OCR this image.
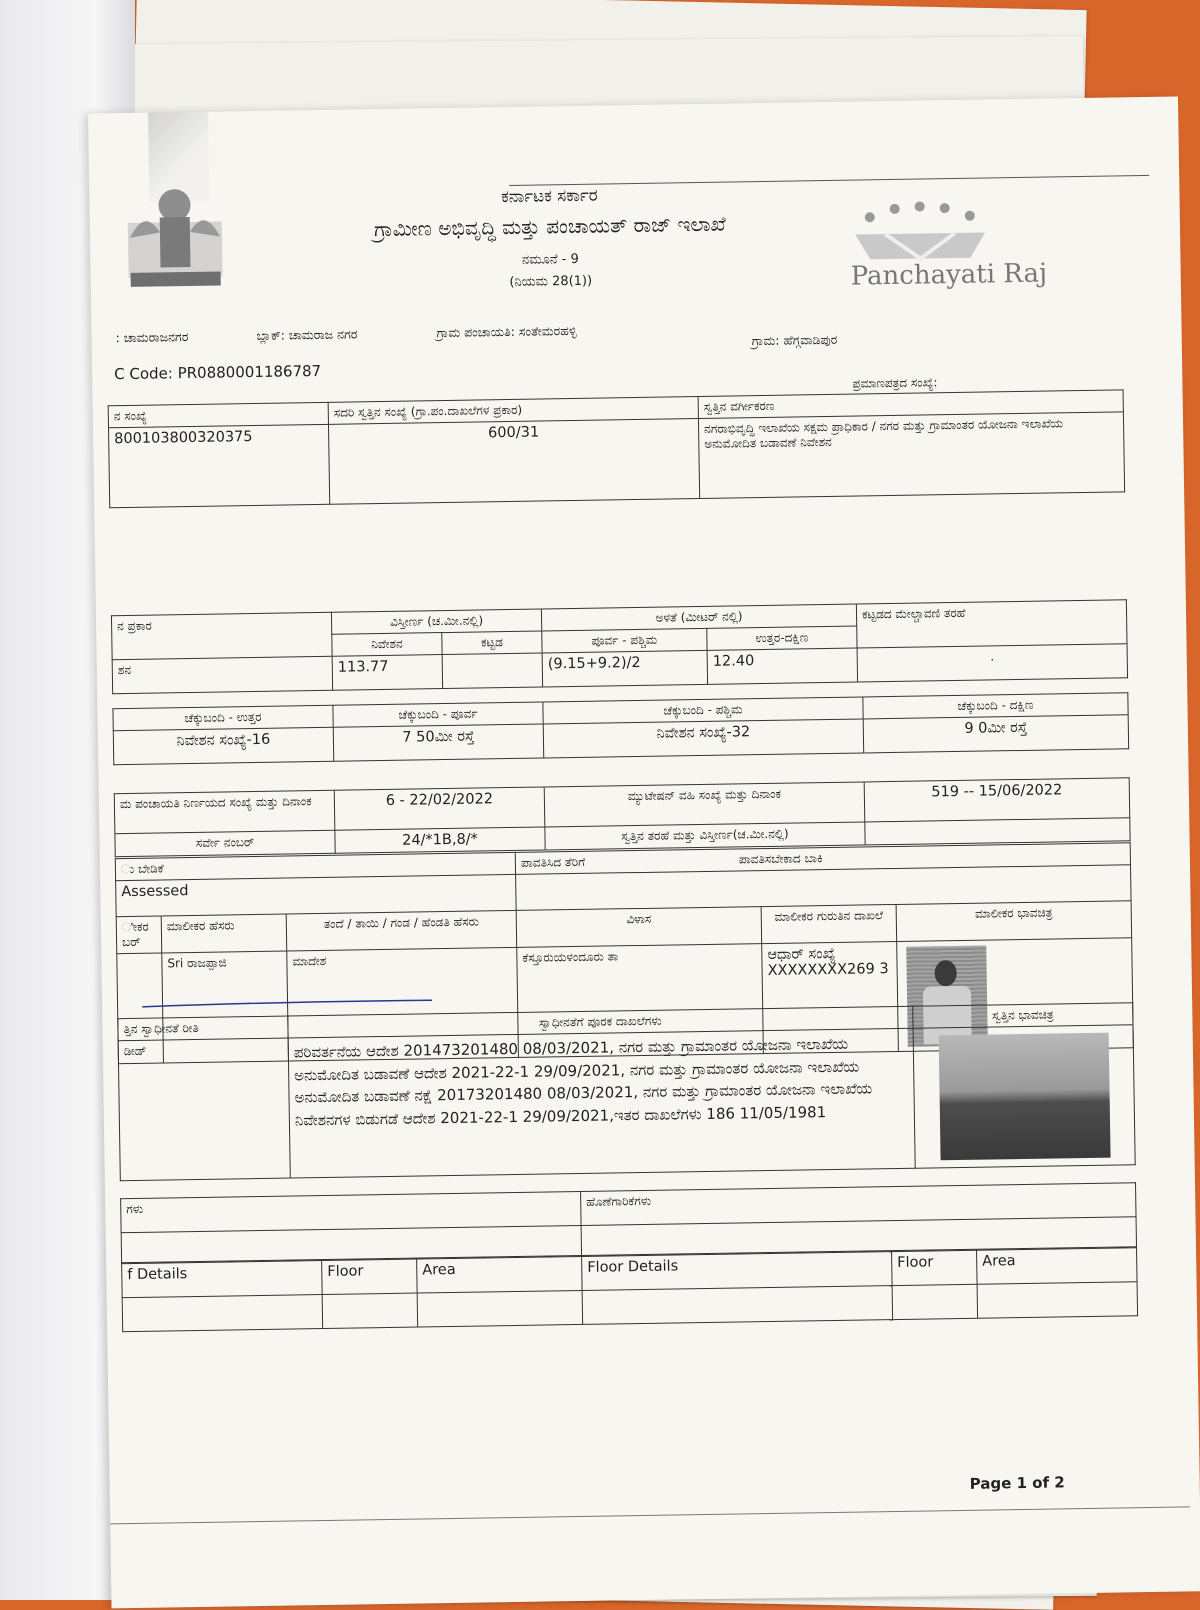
Panchayati Raj
ಕರ್ನಾಟಕ ಸರ್ಕಾರ
ಗ್ರಾಮೀಣ ಅಭಿವೃದ್ಧಿ ಮತ್ತು ಪಂಚಾಯತ್ ರಾಜ್ ಇಲಾಖೆ
ನಮೂನೆ - 9
(ನಿಯಮ 28(1))
: ಚಾಮರಾಜನಗರ	ಬ್ಲಾಕ್: ಚಾಮರಾಜ ನಗರ	ಗ್ರಾಮ ಪಂಚಾಯತಿ: ಸಂತೇಮರಹಳ್ಳಿ	ಗ್ರಾಮ: ಹೆಗ್ಗವಾಡಿಪುರ
C Code: PR0880001186787	ಪ್ರಮಾಣಪತ್ರದ ಸಂಖ್ಯೆ:
ನ ಸಂಖ್ಯೆ	ಸದರಿ ಸ್ವತ್ತಿನ ಸಂಖ್ಯೆ (ಗ್ರಾ.ಪಂ.ದಾಖಲೆಗಳ ಪ್ರಕಾರ)	ಸ್ವತ್ತಿನ ವರ್ಗೀಕರಣ
800103800320375	600/31	ನಗರಾಭಿವೃದ್ಧಿ ಇಲಾಖೆಯ ಸಕ್ಷಮ ಪ್ರಾಧಿಕಾರ / ನಗರ ಮತ್ತು ಗ್ರಾಮಾಂತರ ಯೋಜನಾ ಇಲಾಖೆಯ ಅನುಮೋದಿತ ಬಡಾವಣೆ ನಿವೇಶನ
ನ ಪ್ರಕಾರ	ವಿಸ್ತೀರ್ಣ (ಚ.ಮೀ.ನಲ್ಲಿ)		ಅಳತೆ (ಮೀಟರ್ ನಲ್ಲಿ)		ಕಟ್ಟಡದ ಮೇಲ್ಚಾವಣಿ ತರಹೆ
	ನಿವೇಶನ	ಕಟ್ಟಡ	ಪೂರ್ವ - ಪಶ್ಚಿಮ	ಉತ್ತರ-ದಕ್ಷಿಣ	
ಶನ	113.77		(9.15+9.2)/2	12.40	.
ಚೆಕ್ಕುಬಂದಿ - ಉತ್ತರ	ಚೆಕ್ಕುಬಂದಿ - ಪೂರ್ವ	ಚೆಕ್ಕುಬಂದಿ - ಪಶ್ಚಿಮ	ಚೆಕ್ಕುಬಂದಿ - ದಕ್ಷಿಣ
ನಿವೇಶನ ಸಂಖ್ಯೆ-16	7 50ಮೀ ರಸ್ತೆ	ನಿವೇಶನ ಸಂಖ್ಯೆ-32	9 0ಮೀ ರಸ್ತೆ
ಮ ಪಂಚಾಯತಿ ನಿರ್ಣಯದ ಸಂಖ್ಯೆ ಮತ್ತು ದಿನಾಂಕ	6 - 22/02/2022	ಮ್ಯುಟೇಷನ್ ವಹಿ ಸಂಖ್ಯೆ ಮತ್ತು ದಿನಾಂಕ	519 -- 15/06/2022
ಸರ್ವೇ ನಂಬರ್	24/*1B,8/*	ಸ್ವತ್ತಿನ ತರಹೆ ಮತ್ತು ವಿಸ್ತೀರ್ಣ(ಚ.ಮೀ.ನಲ್ಲಿ)	
ು ಬೇಡಿಕೆ			ಪಾವತಿಸಿದ ತೆರಿಗೆ ಪಾವತಿಸಬೇಕಾದ ಬಾಕಿ		
Assessed					
ೀಕರ ಬರ್	ಮಾಲೀಕರ ಹೆಸರು	ತಂದೆ / ತಾಯಿ / ಗಂಡ / ಹೆಂಡತಿ ಹೆಸರು	ವಿಳಾಸ	ಮಾಲೀಕರ ಗುರುತಿನ ದಾಖಲೆ	ಮಾಲೀಕರ ಭಾವಚಿತ್ರ
	Sri ರಾಜಪ್ಪಾಜಿ	ಮಾದೇಶ	ಕೆಸ್ತೂರುಯಳಂದೂರು ತಾ	ಆಧಾರ್ ಸಂಖ್ಯೆ XXXXXXXX269 3	
ತ್ತಿನ ಸ್ವಾಧೀನತೆ ರೀತಿ	ಸ್ವಾಧೀನತೆಗೆ ಪೂರಕ ದಾಖಲೆಗಳು	ಸ್ವತ್ತಿನ ಭಾವಚಿತ್ರ
ಡೀಡ್	ಪರಿವರ್ತನೆಯ ಆದೇಶ 201473201480 08/03/2021, ನಗರ ಮತ್ತು ಗ್ರಾಮಾಂತರ ಯೋಜನಾ ಇಲಾಖೆಯ ಅನುಮೋದಿತ ಬಡಾವಣೆ ಆದೇಶ 2021-22-1 29/09/2021, ನಗರ ಮತ್ತು ಗ್ರಾಮಾಂತರ ಯೋಜನಾ ಇಲಾಖೆಯ ಅನುಮೋದಿತ ಬಡಾವಣೆ ನಕ್ಷೆ 20173201480 08/03/2021, ನಗರ ಮತ್ತು ಗ್ರಾಮಾಂತರ ಯೋಜನಾ ಇಲಾಖೆಯ ನಿವೇಶನಗಳ ಬಿಡುಗಡೆ ಆದೇಶ 2021-22-1 29/09/2021,ಇತರ ದಾಖಲೆಗಳು 186 11/05/1981	
ಗಳು	ಹೊಣೆಗಾರಿಕೆಗಳು

f Details	Floor	Area	Floor Details	Floor	Area

Page 1 of 2
